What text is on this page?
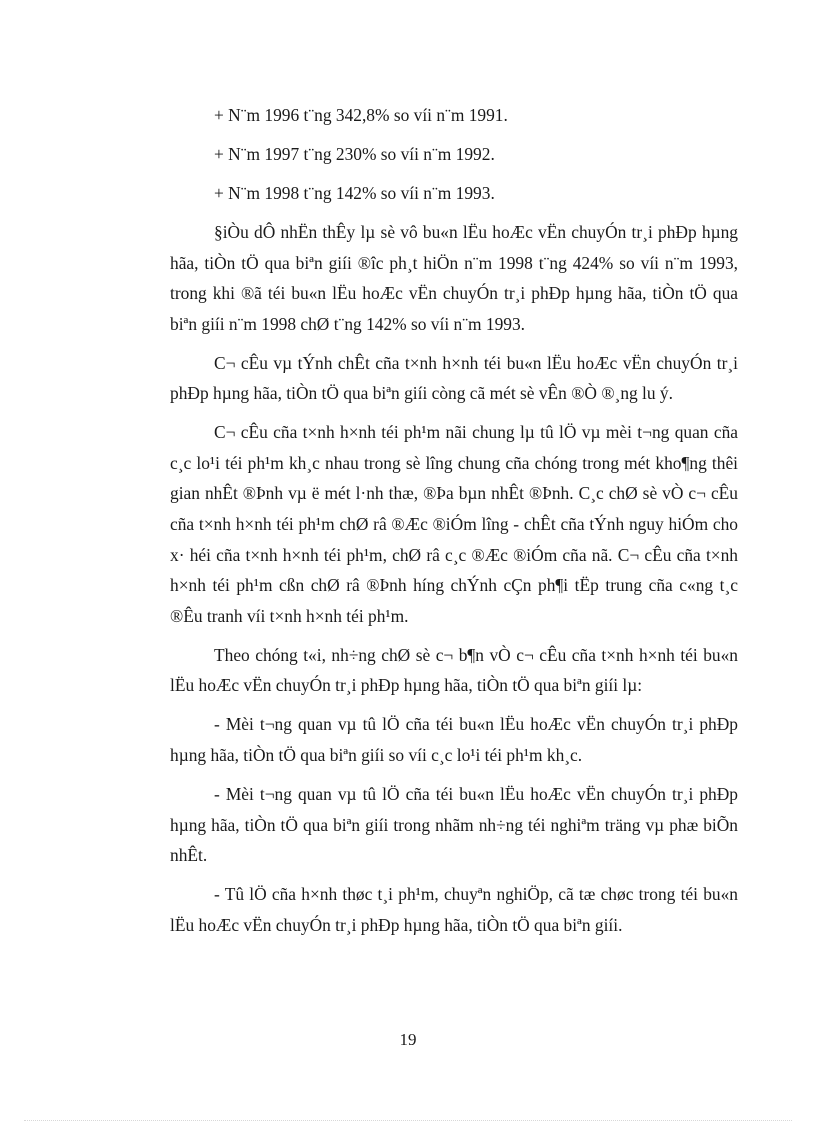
+ N¨m 1996 t¨ng 342,8% so víi n¨m 1991.

+ N¨m 1997 t¨ng 230% so víi n¨m 1992.

+ N¨m 1998 t¨ng 142% so víi n¨m 1993.

§iÒu dÔ nhËn thÊy lµ sè vô bu«n lËu hoÆc vËn chuyÓn tr¸i phÐp hµng hãa, tiÒn tÖ qua biªn giíi ®îc ph¸t hiÖn n¨m 1998 t¨ng 424% so víi n¨m 1993, trong khi ®ã téi bu«n lËu hoÆc vËn chuyÓn tr¸i phÐp hµng hãa, tiÒn tÖ qua biªn giíi n¨m 1998 chØ t¨ng 142% so víi n¨m 1993.

C¬ cÊu vµ tÝnh chÊt cña t×nh h×nh téi bu«n lËu hoÆc vËn chuyÓn tr¸i phÐp hµng hãa, tiÒn tÖ qua biªn giíi còng cã mét sè vÊn ®Ò ®¸ng lu ý.

C¬ cÊu cña t×nh h×nh téi ph¹m nãi chung lµ tû lÖ vµ mèi t¬ng quan cña c¸c lo¹i téi ph¹m kh¸c nhau trong sè lîng chung cña chóng trong mét kho¶ng thêi gian nhÊt ®Þnh vµ ë mét l·nh thæ, ®Þa bµn nhÊt ®Þnh. C¸c chØ sè vÒ c¬ cÊu cña t×nh h×nh téi ph¹m chØ râ ®Æc ®iÓm lîng - chÊt cña tÝnh nguy hiÓm cho x· héi cña t×nh h×nh téi ph¹m, chØ râ c¸c ®Æc ®iÓm cña nã. C¬ cÊu cña t×nh h×nh téi ph¹m cßn chØ râ ®Þnh híng chÝnh cÇn ph¶i tËp trung cña c«ng t¸c ®Êu tranh víi t×nh h×nh téi ph¹m.

Theo chóng t«i, nh÷ng chØ sè c¬ b¶n vÒ c¬ cÊu cña t×nh h×nh téi bu«n lËu hoÆc vËn chuyÓn tr¸i phÐp hµng hãa, tiÒn tÖ qua biªn giíi lµ:

- Mèi t¬ng quan vµ tû lÖ cña téi bu«n lËu hoÆc vËn chuyÓn tr¸i phÐp hµng hãa, tiÒn tÖ qua biªn giíi so víi c¸c lo¹i téi ph¹m kh¸c.

- Mèi t¬ng quan vµ tû lÖ cña téi bu«n lËu hoÆc vËn chuyÓn tr¸i phÐp hµng hãa, tiÒn tÖ qua biªn giíi trong nhãm nh÷ng téi nghiªm träng vµ phæ biÕn nhÊt.

- Tû lÖ cña h×nh thøc t¸i ph¹m, chuyªn nghiÖp, cã tæ chøc trong téi bu«n lËu hoÆc vËn chuyÓn tr¸i phÐp hµng hãa, tiÒn tÖ qua biªn giíi.

19
